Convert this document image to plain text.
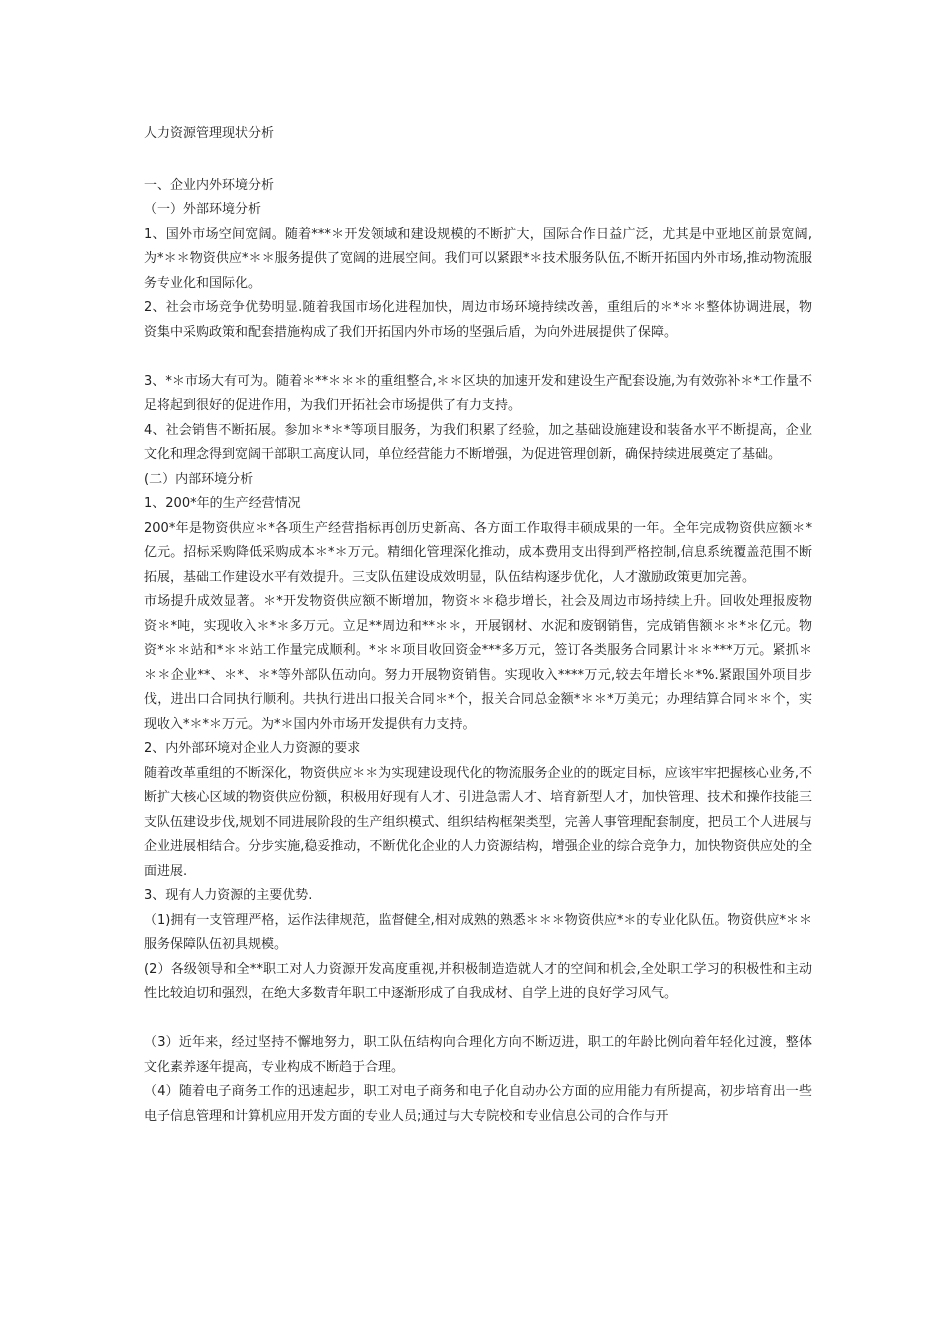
人力资源管理现状分析

一、企业内外环境分析

（一）外部环境分析

1、国外市场空间宽阔。随着***＊开发领域和建设规模的不断扩大，国际合作日益广泛，尤其是中亚地区前景宽阔,为*＊＊物资供应*＊＊服务提供了宽阔的进展空间。我们可以紧跟*＊技术服务队伍,不断开拓国内外市场,推动物流服务专业化和国际化。

2、社会市场竞争优势明显.随着我国市场化进程加快，周边市场环境持续改善，重组后的＊*＊＊整体协调进展，物资集中采购政策和配套措施构成了我们开拓国内外市场的坚强后盾，为向外进展提供了保障。

3、*＊市场大有可为。随着＊**＊＊＊的重组整合,＊＊区块的加速开发和建设生产配套设施,为有效弥补＊*工作量不足将起到很好的促进作用，为我们开拓社会市场提供了有力支持。

4、社会销售不断拓展。参加＊*＊*等项目服务，为我们积累了经验，加之基础设施建设和装备水平不断提高，企业文化和理念得到宽阔干部职工高度认同，单位经营能力不断增强，为促进管理创新，确保持续进展奠定了基础。

(二）内部环境分析

1、200*年的生产经营情况

200*年是物资供应＊*各项生产经营指标再创历史新高、各方面工作取得丰硕成果的一年。全年完成物资供应额＊*亿元。招标采购降低采购成本＊*＊万元。精细化管理深化推动，成本费用支出得到严格控制,信息系统覆盖范围不断拓展，基础工作建设水平有效提升。三支队伍建设成效明显，队伍结构逐步优化，人才激励政策更加完善。

市场提升成效显著。＊*开发物资供应额不断增加，物资＊＊稳步增长，社会及周边市场持续上升。回收处理报废物资＊*吨，实现收入＊*＊多万元。立足**周边和**＊＊，开展钢材、水泥和废钢销售，完成销售额＊＊*＊亿元。物资*＊＊站和*＊＊站工作量完成顺利。*＊＊项目收回资金***多万元，签订各类服务合同累计＊＊***万元。紧抓＊＊＊企业**、＊*、＊*等外部队伍动向。努力开展物资销售。实现收入****万元,较去年增长＊*%.紧跟国外项目步伐，进出口合同执行顺利。共执行进出口报关合同＊*个，报关合同总金额*＊＊*万美元；办理结算合同＊＊个，实现收入*＊*＊万元。为*＊国内外市场开发提供有力支持。

2、内外部环境对企业人力资源的要求

随着改革重组的不断深化，物资供应＊＊为实现建设现代化的物流服务企业的的既定目标，应该牢牢把握核心业务,不断扩大核心区域的物资供应份额，积极用好现有人才、引进急需人才、培育新型人才，加快管理、技术和操作技能三支队伍建设步伐,规划不同进展阶段的生产组织模式、组织结构框架类型，完善人事管理配套制度，把员工个人进展与企业进展相结合。分步实施,稳妥推动，不断优化企业的人力资源结构，增强企业的综合竞争力，加快物资供应处的全面进展.

3、现有人力资源的主要优势.

（1)拥有一支管理严格，运作法律规范，监督健全,相对成熟的熟悉＊＊＊物资供应*＊的专业化队伍。物资供应*＊＊服务保障队伍初具规模。

(2）各级领导和全**职工对人力资源开发高度重视,并积极制造造就人才的空间和机会,全处职工学习的积极性和主动性比较迫切和强烈，在绝大多数青年职工中逐渐形成了自我成材、自学上进的良好学习风气。

（3）近年来，经过坚持不懈地努力，职工队伍结构向合理化方向不断迈进，职工的年龄比例向着年轻化过渡，整体文化素养逐年提高，专业构成不断趋于合理。

（4）随着电子商务工作的迅速起步，职工对电子商务和电子化自动办公方面的应用能力有所提高，初步培育出一些电子信息管理和计算机应用开发方面的专业人员;通过与大专院校和专业信息公司的合作与开
